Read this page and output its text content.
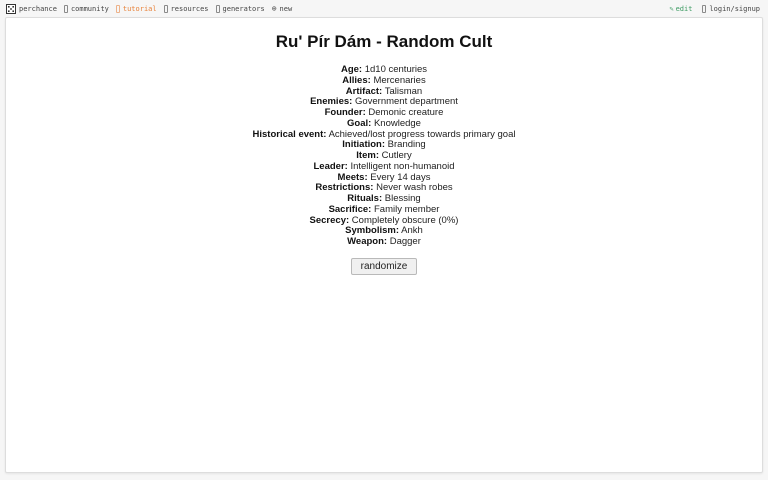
perchance community tutorial resources generators ⊕ new	✎ edit login/signup
Ru' Pír Dám - Random Cult
Age: 1d10 centuries
Allies: Mercenaries
Artifact: Talisman
Enemies: Government department
Founder: Demonic creature
Goal: Knowledge
Historical event: Achieved/lost progress towards primary goal
Initiation: Branding
Item: Cutlery
Leader: Intelligent non-humanoid
Meets: Every 14 days
Restrictions: Never wash robes
Rituals: Blessing
Sacrifice: Family member
Secrecy: Completely obscure (0%)
Symbolism: Ankh
Weapon: Dagger
randomize
